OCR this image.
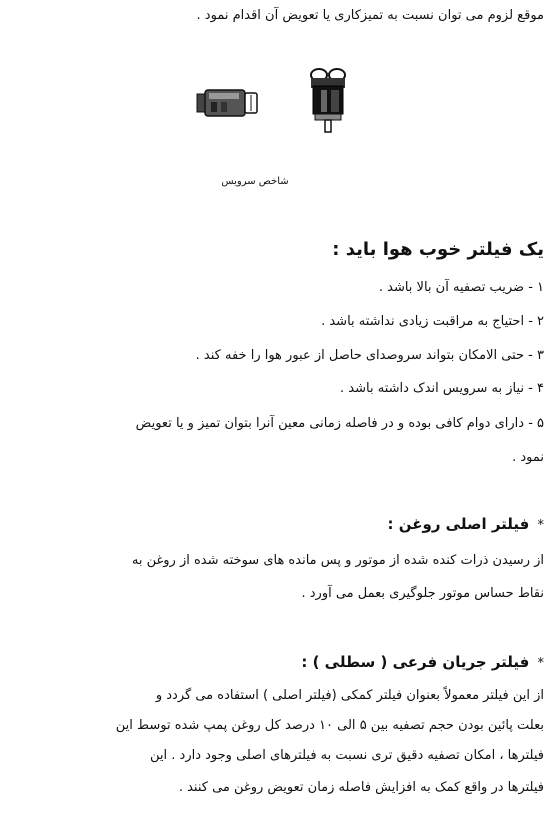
موقع لزوم می توان نسبت به تمیزکاری یا تعویض آن اقدام نمود .
شاخص سرویس
یک فیلتر خوب هوا باید :
۱ - ضریب تصفیه آن بالا باشد .
۲ - احتیاج به مراقبت زیادی نداشته باشد .
۳ - حتی الامکان بتواند سروصدای حاصل از عبور هوا را خفه کند .
۴ - نیاز به سرویس اندک داشته باشد .
۵ - دارای دوام کافی بوده و در فاصله زمانی معین آنرا بتوان تمیز و یا تعویض
نمود .
* فیلتر اصلی روغن :
از رسیدن ذرات کنده شده از موتور و پس مانده های سوخته شده از روغن به
نقاط حساس موتور جلوگیری بعمل می آورد .
* فیلتر جریان فرعی ( سطلی ) :
از این فیلتر معمولاً بعنوان فیلتر کمکی (فیلتر اصلی ) استفاده می گردد و
بعلت پائین بودن حجم تصفیه بین ۵ الی ۱۰ درصد کل روغن پمپ شده توسط این
فیلترها ، امکان تصفیه دقیق تری نسبت به فیلترهای اصلی وجود دارد . این
فیلترها در واقع کمک به افزایش فاصله زمان تعویض روغن می کنند .
